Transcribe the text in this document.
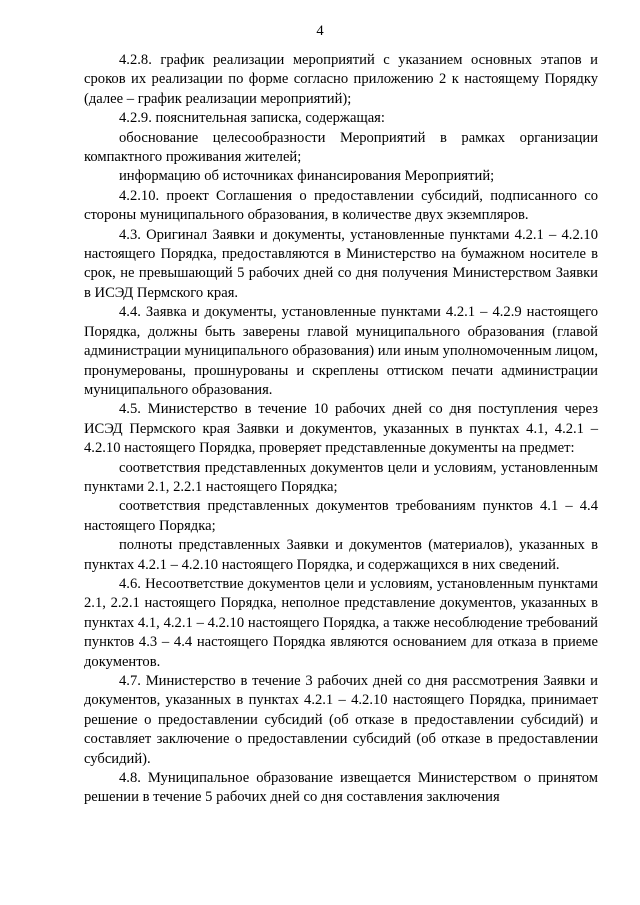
4

4.2.8. график реализации мероприятий с указанием основных этапов и сроков их реализации по форме согласно приложению 2 к настоящему Порядку (далее – график реализации мероприятий);

4.2.9. пояснительная записка, содержащая:

обоснование целесообразности Мероприятий в рамках организации компактного проживания жителей;

информацию об источниках финансирования Мероприятий;

4.2.10. проект Соглашения о предоставлении субсидий, подписанного со стороны муниципального образования, в количестве двух экземпляров.

4.3. Оригинал Заявки и документы, установленные пунктами 4.2.1 – 4.2.10 настоящего Порядка, предоставляются в Министерство на бумажном носителе в срок, не превышающий 5 рабочих дней со дня получения Министерством Заявки в ИСЭД Пермского края.

4.4. Заявка и документы, установленные пунктами 4.2.1 – 4.2.9 настоящего Порядка, должны быть заверены главой муниципального образования (главой администрации муниципального образования) или иным уполномоченным лицом, пронумерованы, прошнурованы и скреплены оттиском печати администрации муниципального образования.

4.5. Министерство в течение 10 рабочих дней со дня поступления через ИСЭД Пермского края Заявки и документов, указанных в пунктах 4.1, 4.2.1 – 4.2.10 настоящего Порядка, проверяет представленные документы на предмет:

соответствия представленных документов цели и условиям, установленным пунктами 2.1, 2.2.1 настоящего Порядка;

соответствия представленных документов требованиям пунктов 4.1 – 4.4 настоящего Порядка;

полноты представленных Заявки и документов (материалов), указанных в пунктах 4.2.1 – 4.2.10 настоящего Порядка, и содержащихся в них сведений.

4.6. Несоответствие документов цели и условиям, установленным пунктами 2.1, 2.2.1 настоящего Порядка, неполное представление документов, указанных в пунктах 4.1, 4.2.1 – 4.2.10 настоящего Порядка, а также несоблюдение требований пунктов 4.3 – 4.4 настоящего Порядка являются основанием для отказа в приеме документов.

4.7. Министерство в течение 3 рабочих дней со дня рассмотрения Заявки и документов, указанных в пунктах 4.2.1 – 4.2.10 настоящего Порядка, принимает решение о предоставлении субсидий (об отказе в предоставлении субсидий) и составляет заключение о предоставлении субсидий (об отказе в предоставлении субсидий).

4.8. Муниципальное образование извещается Министерством о принятом решении в течение 5 рабочих дней со дня составления заключения
